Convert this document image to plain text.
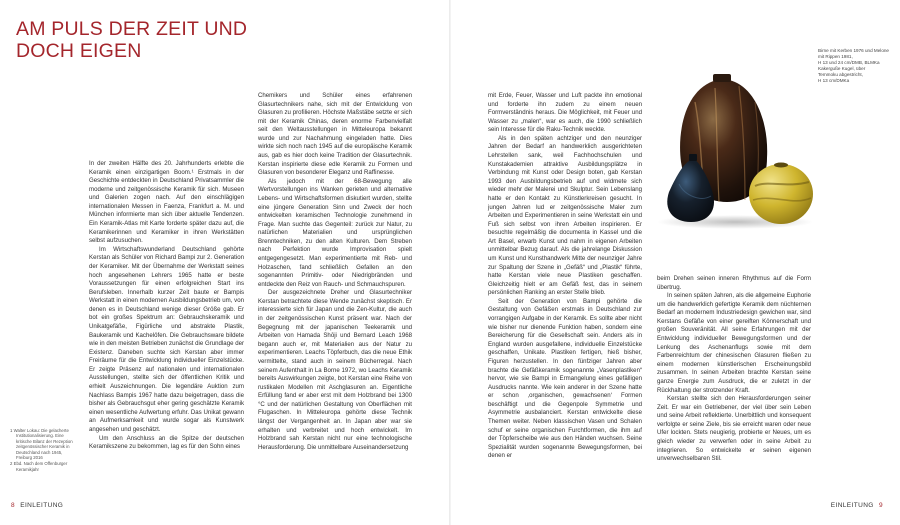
AM PULS DER ZEIT UND
DOCH EIGEN

In der zweiten Hälfte des 20. Jahrhunderts erlebte die Keramik einen einzigartigen Boom.¹ Erstmals in der Geschichte entdeckten in Deutschland Privatsammler die moderne und zeitgenössische Keramik für sich. Museen und Galerien zogen nach. Auf den einschlägigen internationalen Messen in Faenza, Frankfurt a. M. und München informierte man sich über aktuelle Tendenzen. Ein Keramik-Atlas mit Karte forderte später dazu auf, die Keramikerinnen und Keramiker in ihren Werkstätten selbst aufzusuchen.

Im Wirtschaftswunderland Deutschland gehörte Kerstan als Schüler von Richard Bampi zur 2. Generation der Keramiker. Mit der Übernahme der Werkstatt seines hoch angesehenen Lehrers 1965 hatte er beste Voraussetzungen für einen erfolgreichen Start ins Berufsleben. Innerhalb kurzer Zeit baute er Bampis Werkstatt in einen modernen Ausbildungsbetrieb um, von denen es in Deutschland wenige dieser Größe gab. Er bot ein großes Spektrum an: Gebrauchskeramik und Unikatgefäße, Figürliche und abstrakte Plastik, Baukeramik und Kachelöfen. Die Gebrauchsware bildete wie in den meisten Betrieben zunächst die Grundlage der Existenz. Daneben suchte sich Kerstan aber immer Freiräume für die Entwicklung individueller Einzelstücke. Er zeigte Präsenz auf nationalen und internationalen Ausstellungen, stellte sich der öffentlichen Kritik und erhielt Auszeichnungen. Die legendäre Auktion zum Nachlass Bampis 1967 hatte dazu beigetragen, dass die bisher als Gebrauchsgut eher gering geschätzte Keramik einen wesentliche Aufwertung erfuhr. Das Unikat gewann an Aufmerksamkeit und wurde sogar als Kunstwerk angesehen und geschätzt.

Um den Anschluss an die Spitze der deutschen Keramikszene zu bekommen, lag es für den Sohn eines

Chemikers und Schüler eines erfahrenen Glasurtechnikers nahe, sich mit der Entwicklung von Glasuren zu profilieren. Höchste Maßstäbe setzte er sich mit der Keramik Chinas, deren enorme Farbenvielfalt seit den Weltausstellungen in Mitteleuropa bekannt wurde und zur Nachahmung eingeladen hatte. Dies wirkte sich noch nach 1945 auf die europäische Keramik aus, gab es hier doch keine Tradition der Glasurtechnik. Kerstan inspirierte diese edle Keramik zu Formen und Glasuren von besonderer Eleganz und Raffinesse.

Als jedoch mit der 68-Bewegung alle Wertvorstellungen ins Wanken gerieten und alternative Lebens- und Wirtschaftsformen diskutiert wurden, stellte eine jüngere Generation Sinn und Zweck der hoch entwickelten keramischen Technologie zunehmend in Frage. Man suchte das Gegenteil: zurück zur Natur, zu natürlichen Materialien und ursprünglichen Brenntechniken, zu den alten Kulturen. Dem Streben nach Perfektion wurde Improvisation spielt entgegengesetzt. Man experimentierte mit Reb- und Holzaschen, fand schließlich Gefallen an den sogenannten Primitiv- oder Niedrigbränden und entdeckte den Reiz von Rauch- und Schmauchspuren.

Der ausgezeichnete Dreher und Glasurtechniker Kerstan betrachtete diese Wende zunächst skeptisch. Er interessierte sich für Japan und die Zen-Kultur, die auch in der zeitgenössischen Kunst präsent war. Nach der Begegnung mit der japanischen Teekeramik und Arbeiten von Hamada Shōji und Bernard Leach 1968 begann auch er, mit Materialien aus der Natur zu experimentieren. Leachs Töpferbuch, das die neue Ethik vermittelte, stand auch in seinem Bücherregal. Nach seinem Aufenthalt in La Borne 1972, wo Leachs Keramik bereits Auswirkungen zeigte, bot Kerstan eine Reihe von rustikalen Modellen mit Aschglasuren an. Eigentliche Erfüllung fand er aber erst mit dem Holzbrand bei 1300 °C und der natürlichen Gestaltung von Oberflächen mit Flugaschen. In Mitteleuropa gehörte diese Technik längst der Vergangenheit an. In Japan aber war sie erhalten und verbreitet und hoch entwickelt. Im Holzbrand sah Kerstan nicht nur eine technologische Herausforderung. Die unmittelbare Auseinandersetzung

1 Walter Lokau: Die gelacherte Institutionalisierung. Eine kritische Bilanz der Rezeption zeitgenössischer Keramik in Deutschland nach 1945, Freiburg 2016

2 Ebd. Nach dem Offenburger Keramikjahr

8 EINLEITUNG

mit Erde, Feuer, Wasser und Luft packte ihn emotional und forderte ihn zudem zu einem neuen Formverständnis heraus. Die Möglichkeit, mit Feuer und Wasser zu „malen“, war es auch, die 1990 schließlich sein Interesse für die Raku-Technik weckte.

Als in den späten achtziger und den neunziger Jahren der Bedarf an handwerklich ausgerichteten Lehrstellen sank, weil Fachhochschulen und Kunstakademien attraktive Ausbildungsplätze in Verbindung mit Kunst oder Design boten, gab Kerstan 1993 den Ausbildungsbetrieb auf und widmete sich wieder mehr der Malerei und Skulptur. Sein Lebenslang hatte er den Kontakt zu Künstlerkreisen gesucht. In jungen Jahren lud er zeitgenössische Maler zum Arbeiten und Experimentieren in seine Werkstatt ein und Fuß sich selbst von ihren Arbeiten inspirieren. Er besuchte regelmäßig die documenta in Kassel und die Art Basel, erwarb Kunst und nahm in eigenen Arbeiten unmittelbar Bezug darauf. Als die jahrelange Diskussion um Kunst und Kunsthandwerk Mitte der neunziger Jahre zur Spaltung der Szene in „Gefäß“ und „Plastik“ führte, hatte Kerstan viele neue Plastiken geschaffen. Gleichzeitig hielt er am Gefäß fest, das in seinem persönlichen Ranking an erster Stelle blieb.

Seit der Generation von Bampi gehörte die Gestaltung von Gefäßen erstmals in Deutschland zur vorrangigen Aufgabe in der Keramik. Es sollte aber nicht wie bisher nur dienende Funktion haben, sondern eine Bereicherung für die Gesellschaft sein. Anders als in England wurden ausgefallene, individuelle Einzelstücke geschaffen, Unikate. Plastiken fertigen, hieß bisher, Figuren herzustellen. In den fünfziger Jahren aber brachte die Gefäßkeramik sogenannte „Vasenplastiken“ hervor, wie sie Bampi in Ermangelung eines gefälligen Ausdrucks nannte. Wie kein anderer in der Szene hatte er schon ‚organischen, gewachsenen‘ Formen beschäftigt und die Gegenpole Symmetrie und Asymmetrie ausbalanciert. Kerstan entwickelte diese Themen weiter. Neben klassischen Vasen und Schalen schuf er seine organischen Furchtformen, die ihm auf der Töpferscheibe wie aus den Händen wuchsen. Seine Spezialität wurden sogenannte Bewegungsformen, bei denen er

beim Drehen seinen inneren Rhythmus auf die Form übertrug.

In seinen späten Jahren, als die allgemeine Euphorie um die handwerklich gefertigte Keramik dem nüchternen Bedarf an modernem Industriedesign gewichen war, sind Kerstans Gefäße von einer gereiften Könnerschaft und großen Souveränität. All seine Erfahrungen mit der Entwicklung individueller Bewegungsformen und der Lenkung des Aschenanflugs sowie mit dem Farbenreichtum der chinesischen Glasuren fließen zu einem modernen künstlerischen Erscheinungsbild zusammen. In seinen Arbeiten brachte Kerstan seine ganze Energie zum Ausdruck, die er zuletzt in der Rückhaltung der strotzender Kraft.

Kerstan stellte sich den Herausforderungen seiner Zeit. Er war ein Getriebener, der viel über sein Leben und seine Arbeit reflektierte. Unerbittlich und konsequent verfolgte er seine Ziele, bis sie erreicht waren oder neue Ufer lockten. Stets neugierig, probierte er Neues, um es gleich wieder zu verwerfen oder in seine Arbeit zu integrieren. So entwickelte er seinen eigenen unverwechselbaren Stil.

Birne mit Kerben 1976 und Melone mit Rippen 1981,

H 13 und 24 cm/DMB, BLMKa

Kakerguße Kugel, über

Temmoku abgestricht,

H 13 cm/DMKa

EINLEITUNG 9
